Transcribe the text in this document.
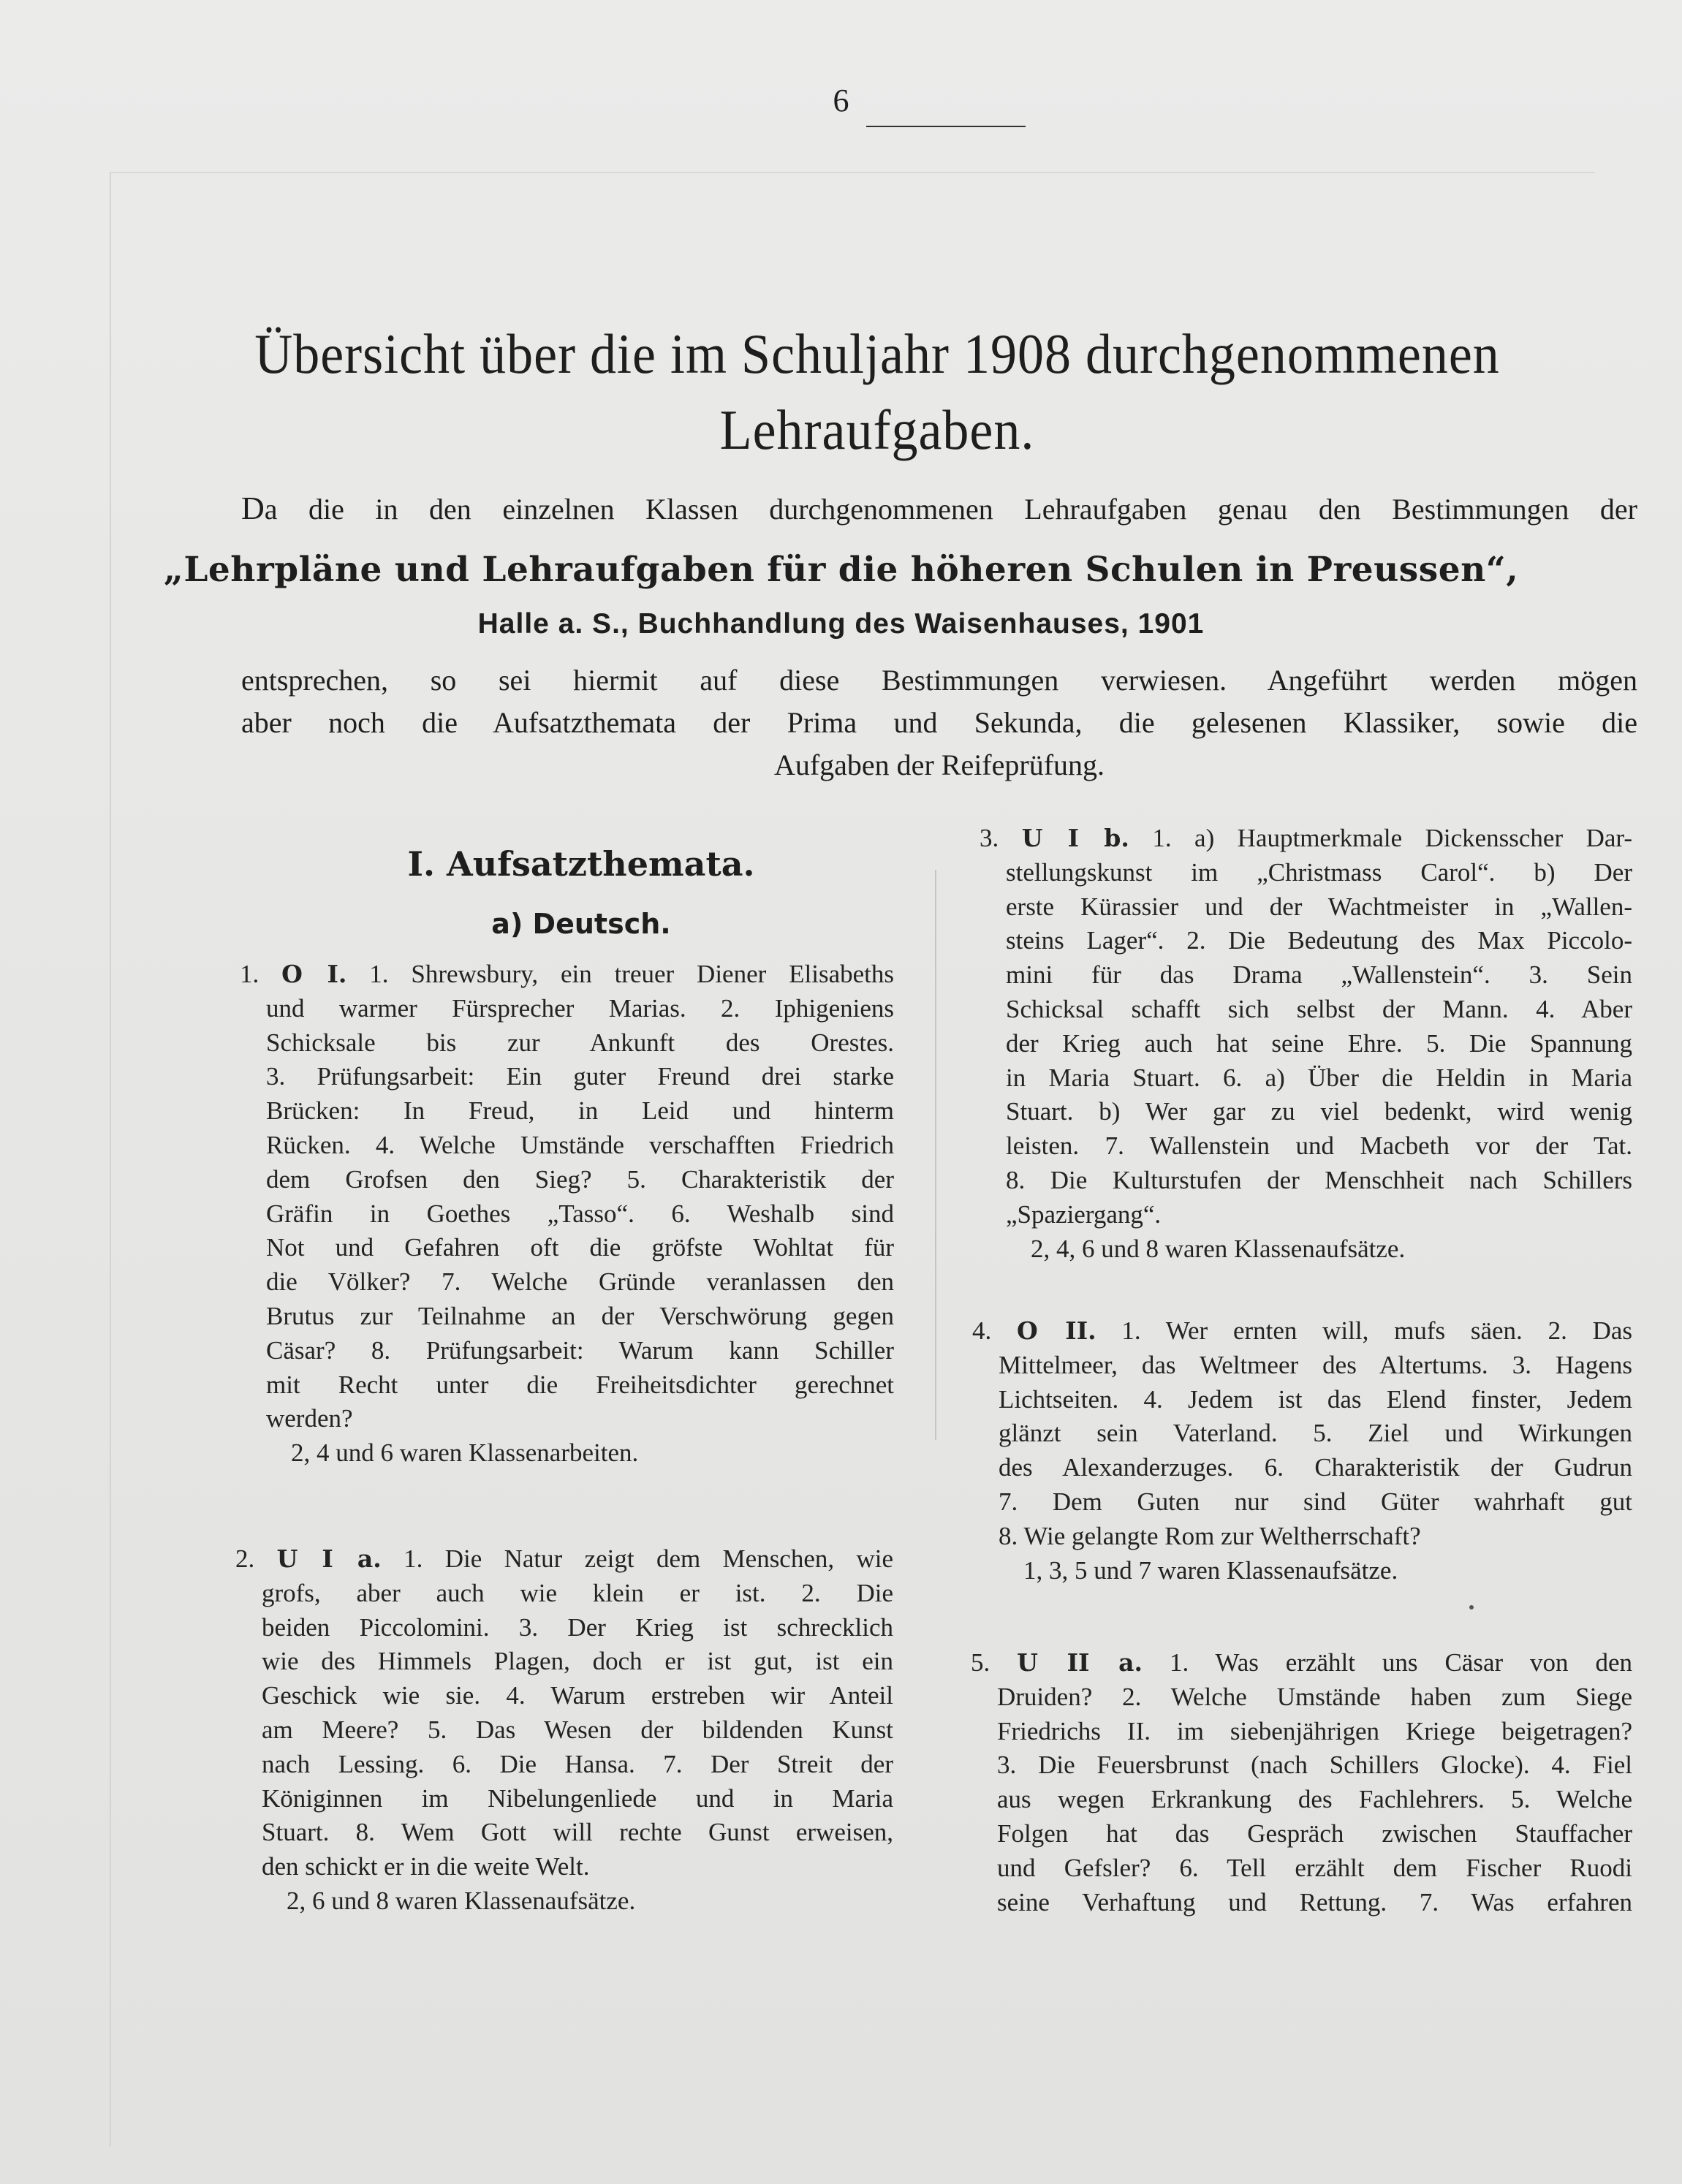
6
Übersicht über die im Schuljahr 1908 durchgenommenen
Lehraufgaben.
Da die in den einzelnen Klassen durchgenommenen Lehraufgaben genau den Bestimmungen der
„Lehrpläne und Lehraufgaben für die höheren Schulen in Preussen“,
Halle a. S., Buchhandlung des Waisenhauses, 1901
entsprechen, so sei hiermit auf diese Bestimmungen verwiesen. Angeführt werden mögen
aber noch die Aufsatzthemata der Prima und Sekunda, die gelesenen Klassiker, sowie die
Aufgaben der Reifeprüfung.
I. Aufsatzthemata.
a) Deutsch.
1. O I. 1. Shrewsbury, ein treuer Diener Elisabeths
und warmer Fürsprecher Marias. 2. Iphigeniens
Schicksale bis zur Ankunft des Orestes.
3. Prüfungsarbeit: Ein guter Freund drei starke
Brücken: In Freud, in Leid und hinterm
Rücken. 4. Welche Umstände verschafften Friedrich
dem Grofsen den Sieg? 5. Charakteristik der
Gräfin in Goethes „Tasso“. 6. Weshalb sind
Not und Gefahren oft die gröfste Wohltat für
die Völker? 7. Welche Gründe veranlassen den
Brutus zur Teilnahme an der Verschwörung gegen
Cäsar? 8. Prüfungsarbeit: Warum kann Schiller
mit Recht unter die Freiheitsdichter gerechnet
werden?
2, 4 und 6 waren Klassenarbeiten.
2. U I a. 1. Die Natur zeigt dem Menschen, wie
grofs, aber auch wie klein er ist. 2. Die
beiden Piccolomini. 3. Der Krieg ist schrecklich
wie des Himmels Plagen, doch er ist gut, ist ein
Geschick wie sie. 4. Warum erstreben wir Anteil
am Meere? 5. Das Wesen der bildenden Kunst
nach Lessing. 6. Die Hansa. 7. Der Streit der
Königinnen im Nibelungenliede und in Maria
Stuart. 8. Wem Gott will rechte Gunst erweisen,
den schickt er in die weite Welt.
2, 6 und 8 waren Klassenaufsätze.
3. U I b. 1. a) Hauptmerkmale Dickensscher Dar-
stellungskunst im „Christmass Carol“. b) Der
erste Kürassier und der Wachtmeister in „Wallen-
steins Lager“. 2. Die Bedeutung des Max Piccolo-
mini für das Drama „Wallenstein“. 3. Sein
Schicksal schafft sich selbst der Mann. 4. Aber
der Krieg auch hat seine Ehre. 5. Die Spannung
in Maria Stuart. 6. a) Über die Heldin in Maria
Stuart. b) Wer gar zu viel bedenkt, wird wenig
leisten. 7. Wallenstein und Macbeth vor der Tat.
8. Die Kulturstufen der Menschheit nach Schillers
„Spaziergang“.
2, 4, 6 und 8 waren Klassenaufsätze.
4. O II. 1. Wer ernten will, mufs säen. 2. Das
Mittelmeer, das Weltmeer des Altertums. 3. Hagens
Lichtseiten. 4. Jedem ist das Elend finster, Jedem
glänzt sein Vaterland. 5. Ziel und Wirkungen
des Alexanderzuges. 6. Charakteristik der Gudrun
7. Dem Guten nur sind Güter wahrhaft gut
8. Wie gelangte Rom zur Weltherrschaft?
1, 3, 5 und 7 waren Klassenaufsätze.
5. U II a. 1. Was erzählt uns Cäsar von den
Druiden? 2. Welche Umstände haben zum Siege
Friedrichs II. im siebenjährigen Kriege beigetragen?
3. Die Feuersbrunst (nach Schillers Glocke). 4. Fiel
aus wegen Erkrankung des Fachlehrers. 5. Welche
Folgen hat das Gespräch zwischen Stauffacher
und Gefsler? 6. Tell erzählt dem Fischer Ruodi
seine Verhaftung und Rettung. 7. Was erfahren
